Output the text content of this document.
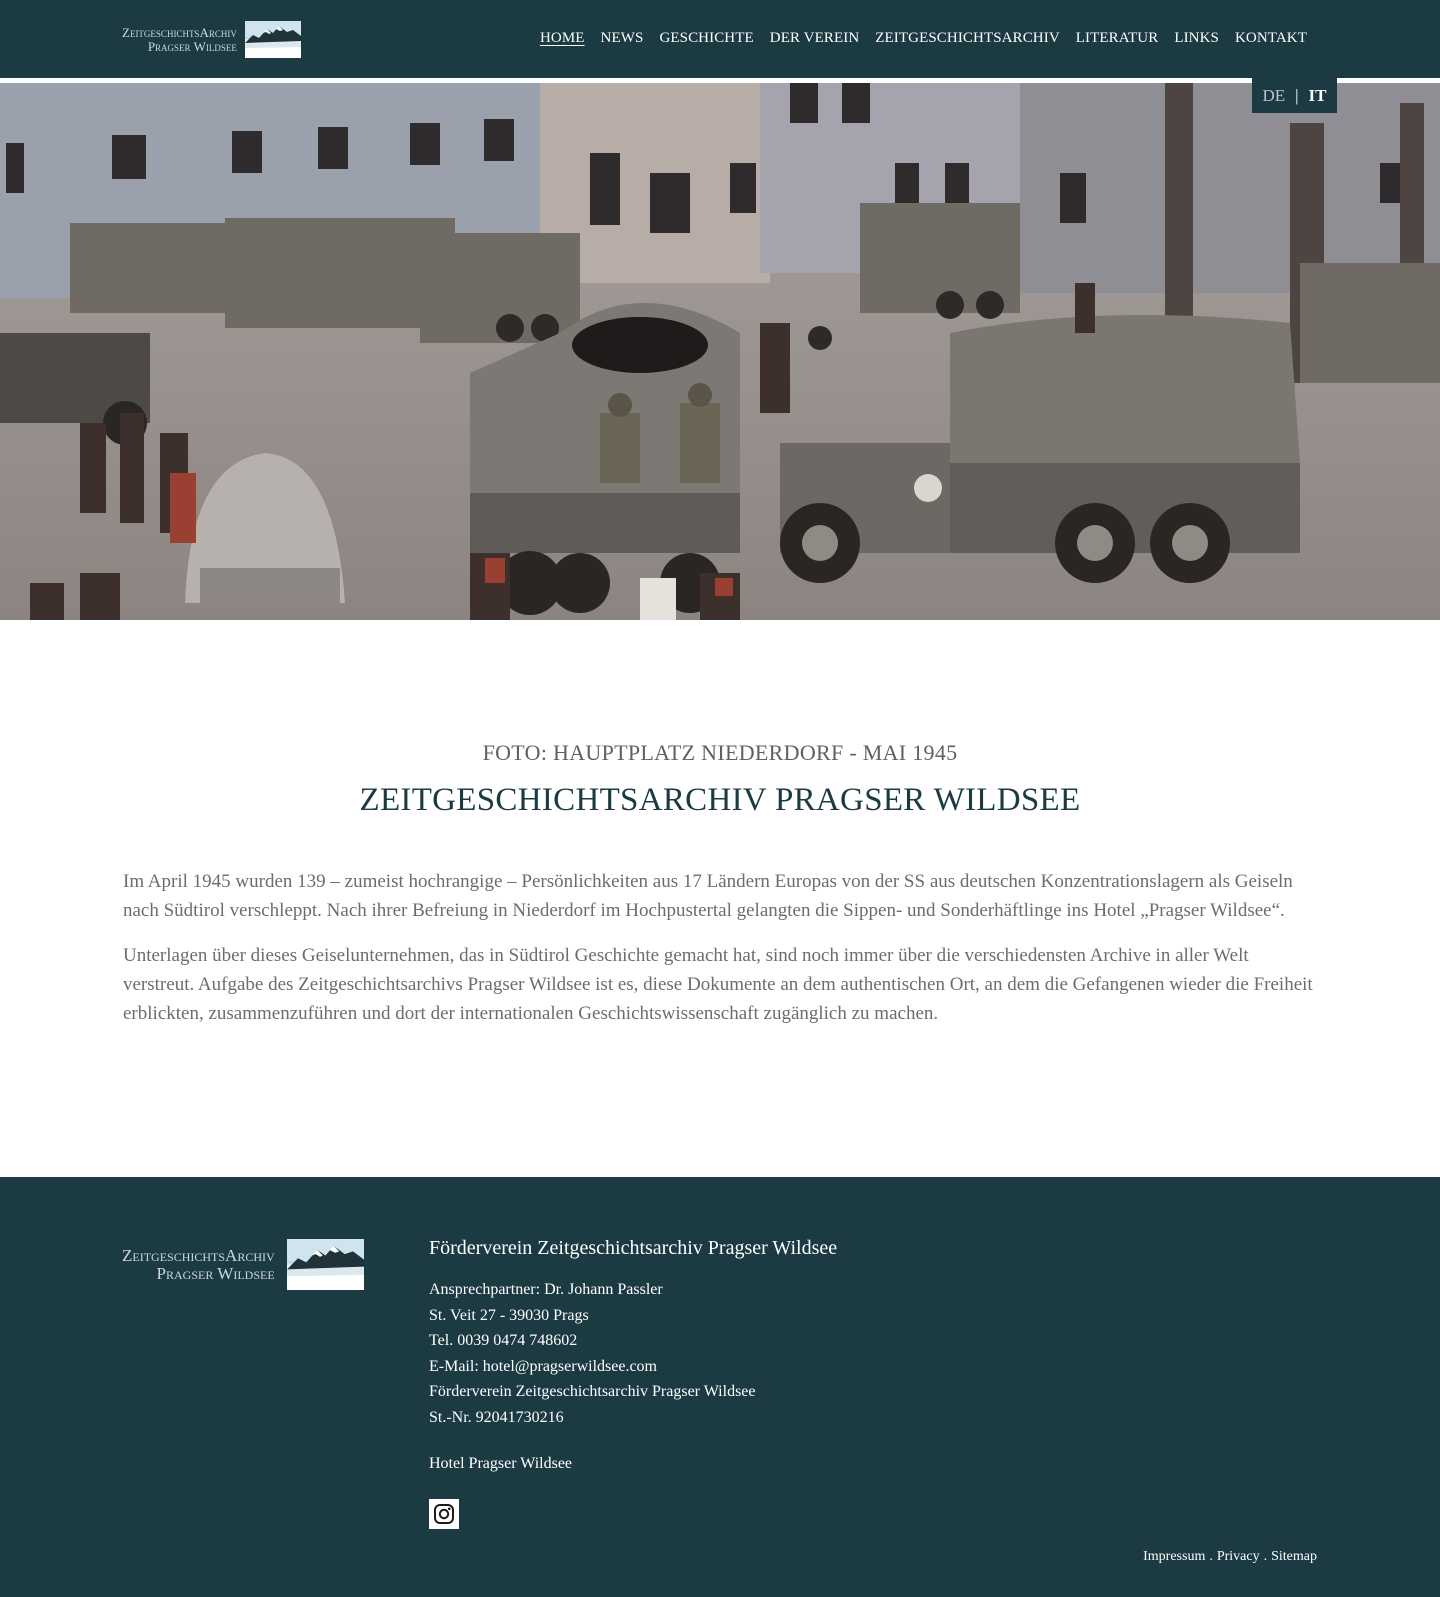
ZeitgeschichtsArchiv
Pragser Wildsee	HOME NEWS GESCHICHTE DER VEREIN ZEITGESCHICHTSARCHIV LITERATUR LINKS KONTAKT
DE | IT
FOTO: HAUPTPLATZ NIEDERDORF - MAI 1945
ZEITGESCHICHTSARCHIV PRAGSER WILDSEE

Im April 1945 wurden 139 – zumeist hochrangige – Persönlichkeiten aus 17 Ländern Europas von der SS aus deutschen Konzentrationslagern als Geiseln nach Südtirol verschleppt. Nach ihrer Befreiung in Niederdorf im Hochpustertal gelangten die Sippen- und Sonderhäftlinge ins Hotel „Pragser Wildsee“.

Unterlagen über dieses Geiselunternehmen, das in Südtirol Geschichte gemacht hat, sind noch immer über die verschiedensten Archive in aller Welt verstreut. Aufgabe des Zeitgeschichtsarchivs Pragser Wildsee ist es, diese Dokumente an dem authentischen Ort, an dem die Gefangenen wieder die Freiheit erblickten, zusammenzuführen und dort der internationalen Geschichtswissenschaft zugänglich zu machen.

ZeitgeschichtsArchiv
Pragser Wildsee
Förderverein Zeitgeschichtsarchiv Pragser Wildsee
Ansprechpartner: Dr. Johann Passler
St. Veit 27 - 39030 Prags
Tel. 0039 0474 748602
E-Mail: hotel@pragserwildsee.com
Förderverein Zeitgeschichtsarchiv Pragser Wildsee
St.-Nr. 92041730216
Hotel Pragser Wildsee
Impressum . Privacy . Sitemap
